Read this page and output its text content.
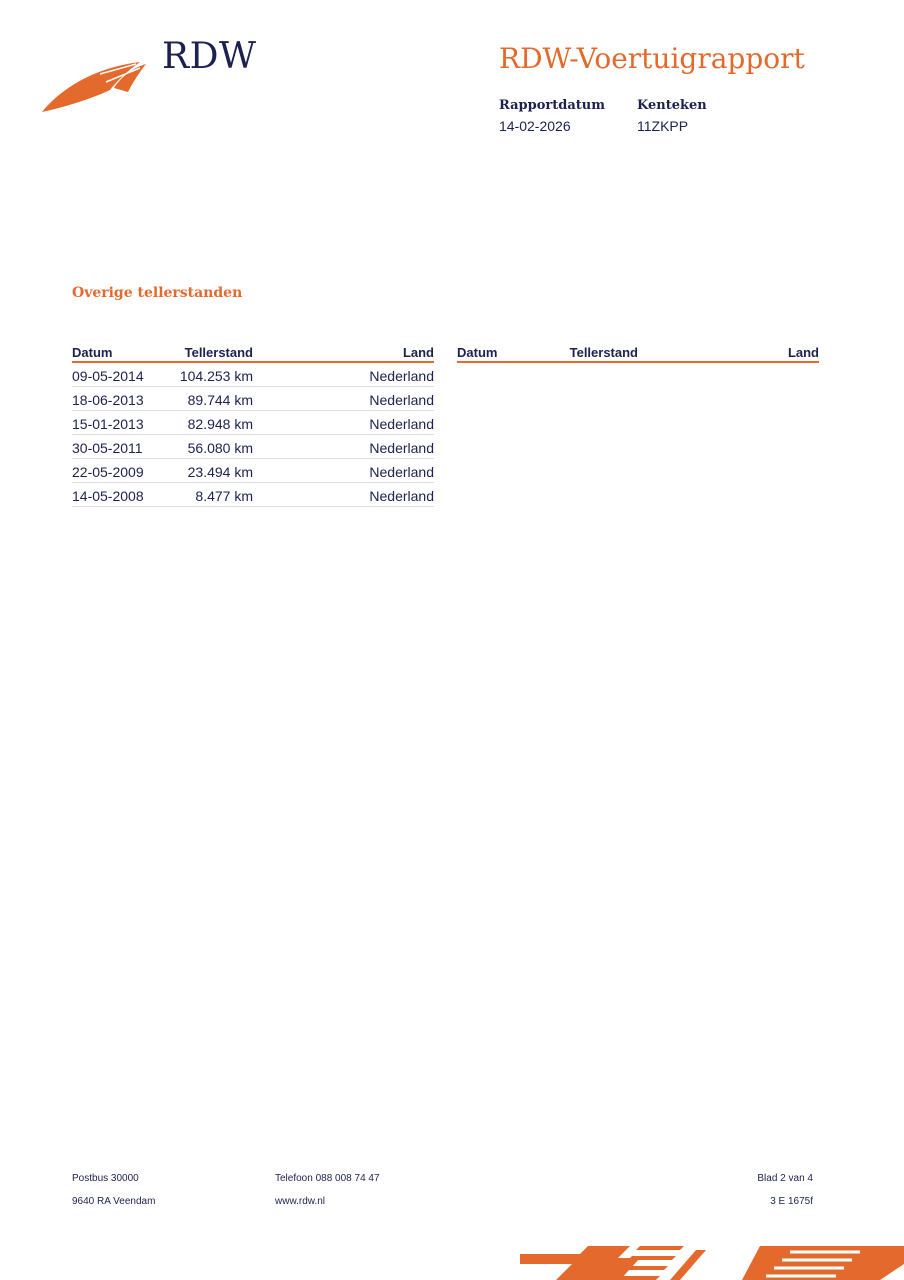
RDW	RDW-Voertuigrapport
Rapportdatum
14-02-2026
Kenteken
11ZKPP
Overige tellerstanden
Datum	Tellerstand	Land
09-05-2014	104.253 km	Nederland
18-06-2013	89.744 km	Nederland
15-01-2013	82.948 km	Nederland
30-05-2011	56.080 km	Nederland
22-05-2009	23.494 km	Nederland
14-05-2008	8.477 km	Nederland
Datum	Tellerstand	Land
Postbus 30000
9640 RA Veendam
Telefoon 088 008 74 47
www.rdw.nl
Blad 2 van 4
3 E 1675f
